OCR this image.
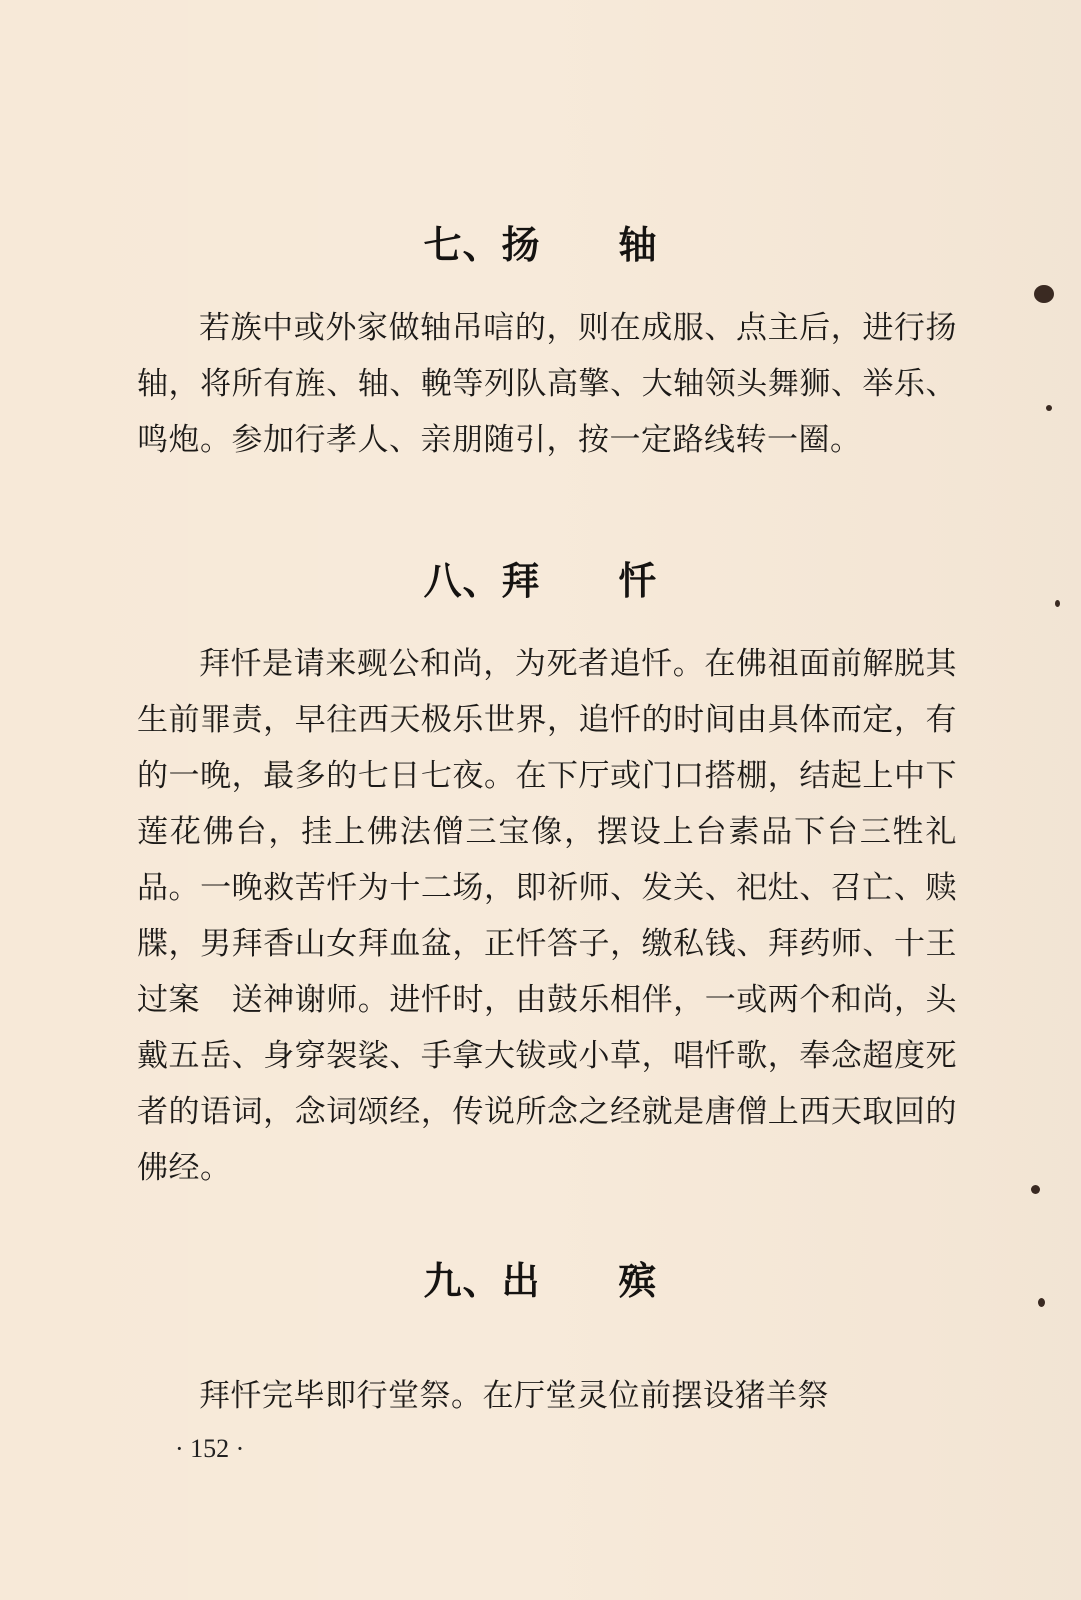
七、扬　　轴

若族中或外家做轴吊唁的，则在成服、点主后，进行扬轴，将所有旌、轴、輓等列队高擎、大轴领头舞狮、举乐、鸣炮。参加行孝人、亲朋随引，按一定路线转一圈。

八、拜　　忏

拜忏是请来觋公和尚，为死者追忏。在佛祖面前解脱其生前罪责，早往西天极乐世界，追忏的时间由具体而定，有的一晚，最多的七日七夜。在下厅或门口搭棚，结起上中下莲花佛台，挂上佛法僧三宝像，摆设上台素品下台三牲礼品。一晚救苦忏为十二场，即祈师、发关、祀灶、召亡、赎牒，男拜香山女拜血盆，正忏答子，缴私钱、拜药师、十王过案　送神谢师。进忏时，由鼓乐相伴，一或两个和尚，头戴五岳、身穿袈裟、手拿大钹或小草，唱忏歌，奉念超度死者的语词，念词颂经，传说所念之经就是唐僧上西天取回的佛经。

九、出　　殡

拜忏完毕即行堂祭。在厅堂灵位前摆设猪羊祭

· 152 ·
